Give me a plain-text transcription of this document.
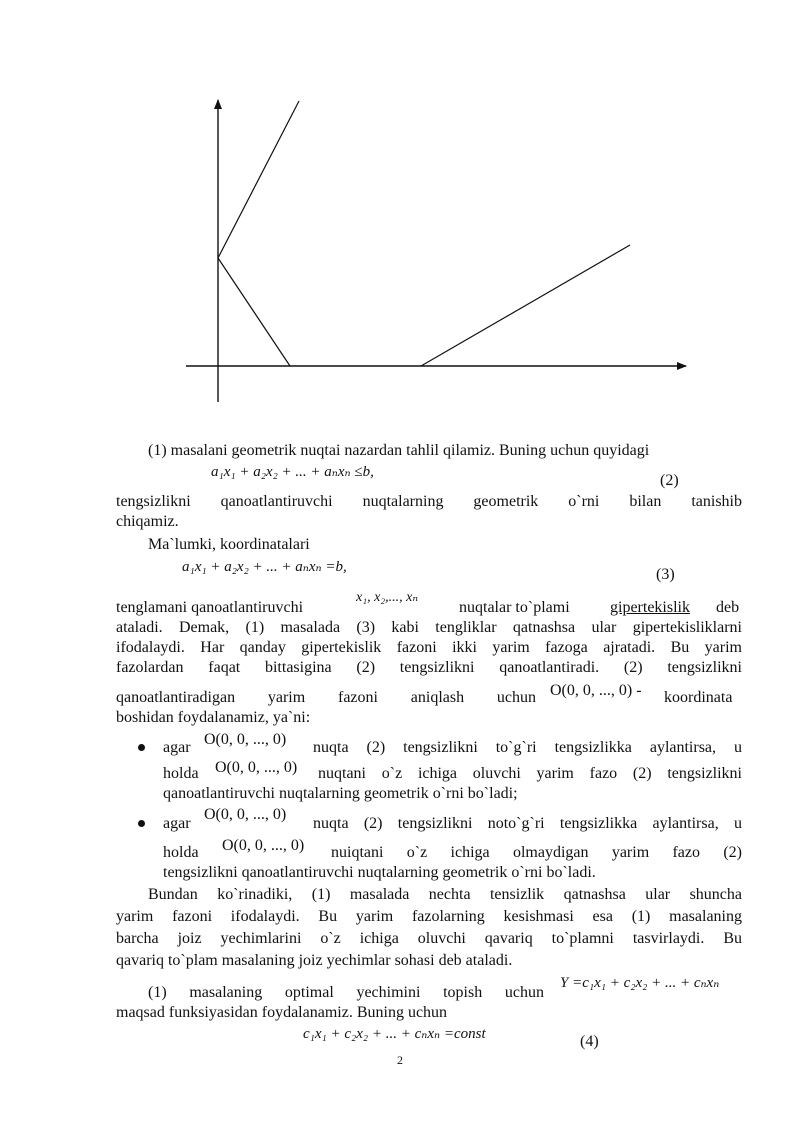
(1) masalani geometrik nuqtai nazardan tahlil qilamiz. Buning uchun quyidagi
a₁x₁ + a₂x₂ + ... + aₙxₙ ≤b,	(2)
tengsizlikni qanoatlantiruvchi nuqtalarning geometrik o`rni bilan tanishib
chiqamiz.
Ma`lumki, koordinatalari
a₁x₁ + a₂x₂ + ... + aₙxₙ =b,	(3)
tenglamani qanoatlantiruvchi
x₁, x₂,..., xₙ
nuqtalar to`plami	gipertekislik deb
ataladi. Demak, (1) masalada (3) kabi tengliklar qatnashsa ular gipertekisliklarni
ifodalaydi. Har qanday gipertekislik fazoni ikki yarim fazoga ajratadi. Bu yarim
fazolardan faqat bittasigina (2) tengsizlikni qanoatlantiradi. (2) tengsizlikni
qanoatlantiradigan yarim fazoni aniqlash uchun O(0, 0, ..., 0) - koordinata
boshidan foydalanamiz, ya`ni:
agar O(0, 0, ..., 0) nuqta (2) tengsizlikni to`g`ri tengsizlikka aylantirsa, u
holda O(0, 0, ..., 0) nuqtani o`z ichiga oluvchi yarim fazo (2) tengsizlikni
qanoatlantiruvchi nuqtalarning geometrik o`rni bo`ladi;
agar
O(0, 0, ..., 0)
nuqta (2) tengsizlikni noto`g`ri tengsizlikka aylantirsa, u
holda O(0, 0, ..., 0) nuiqtani o`z ichiga olmaydigan yarim fazo (2)
tengsizlikni qanoatlantiruvchi nuqtalarning geometrik o`rni bo`ladi.
Bundan ko`rinadiki, (1) masalada nechta tensizlik qatnashsa ular shuncha
yarim fazoni ifodalaydi. Bu yarim fazolarning kesishmasi esa (1) masalaning
barcha joiz yechimlarini o`z ichiga oluvchi qavariq to`plamni tasvirlaydi. Bu
qavariq to`plam masalaning joiz yechimlar sohasi deb ataladi.
(1) masalaning optimal yechimini topish uchun
Y =c₁x₁ + c₂x₂ + ... + cₙxₙ
maqsad funksiyasidan foydalanamiz. Buning uchun
c₁x₁ + c₂x₂ + ... + cₙxₙ =const	(4)
2
